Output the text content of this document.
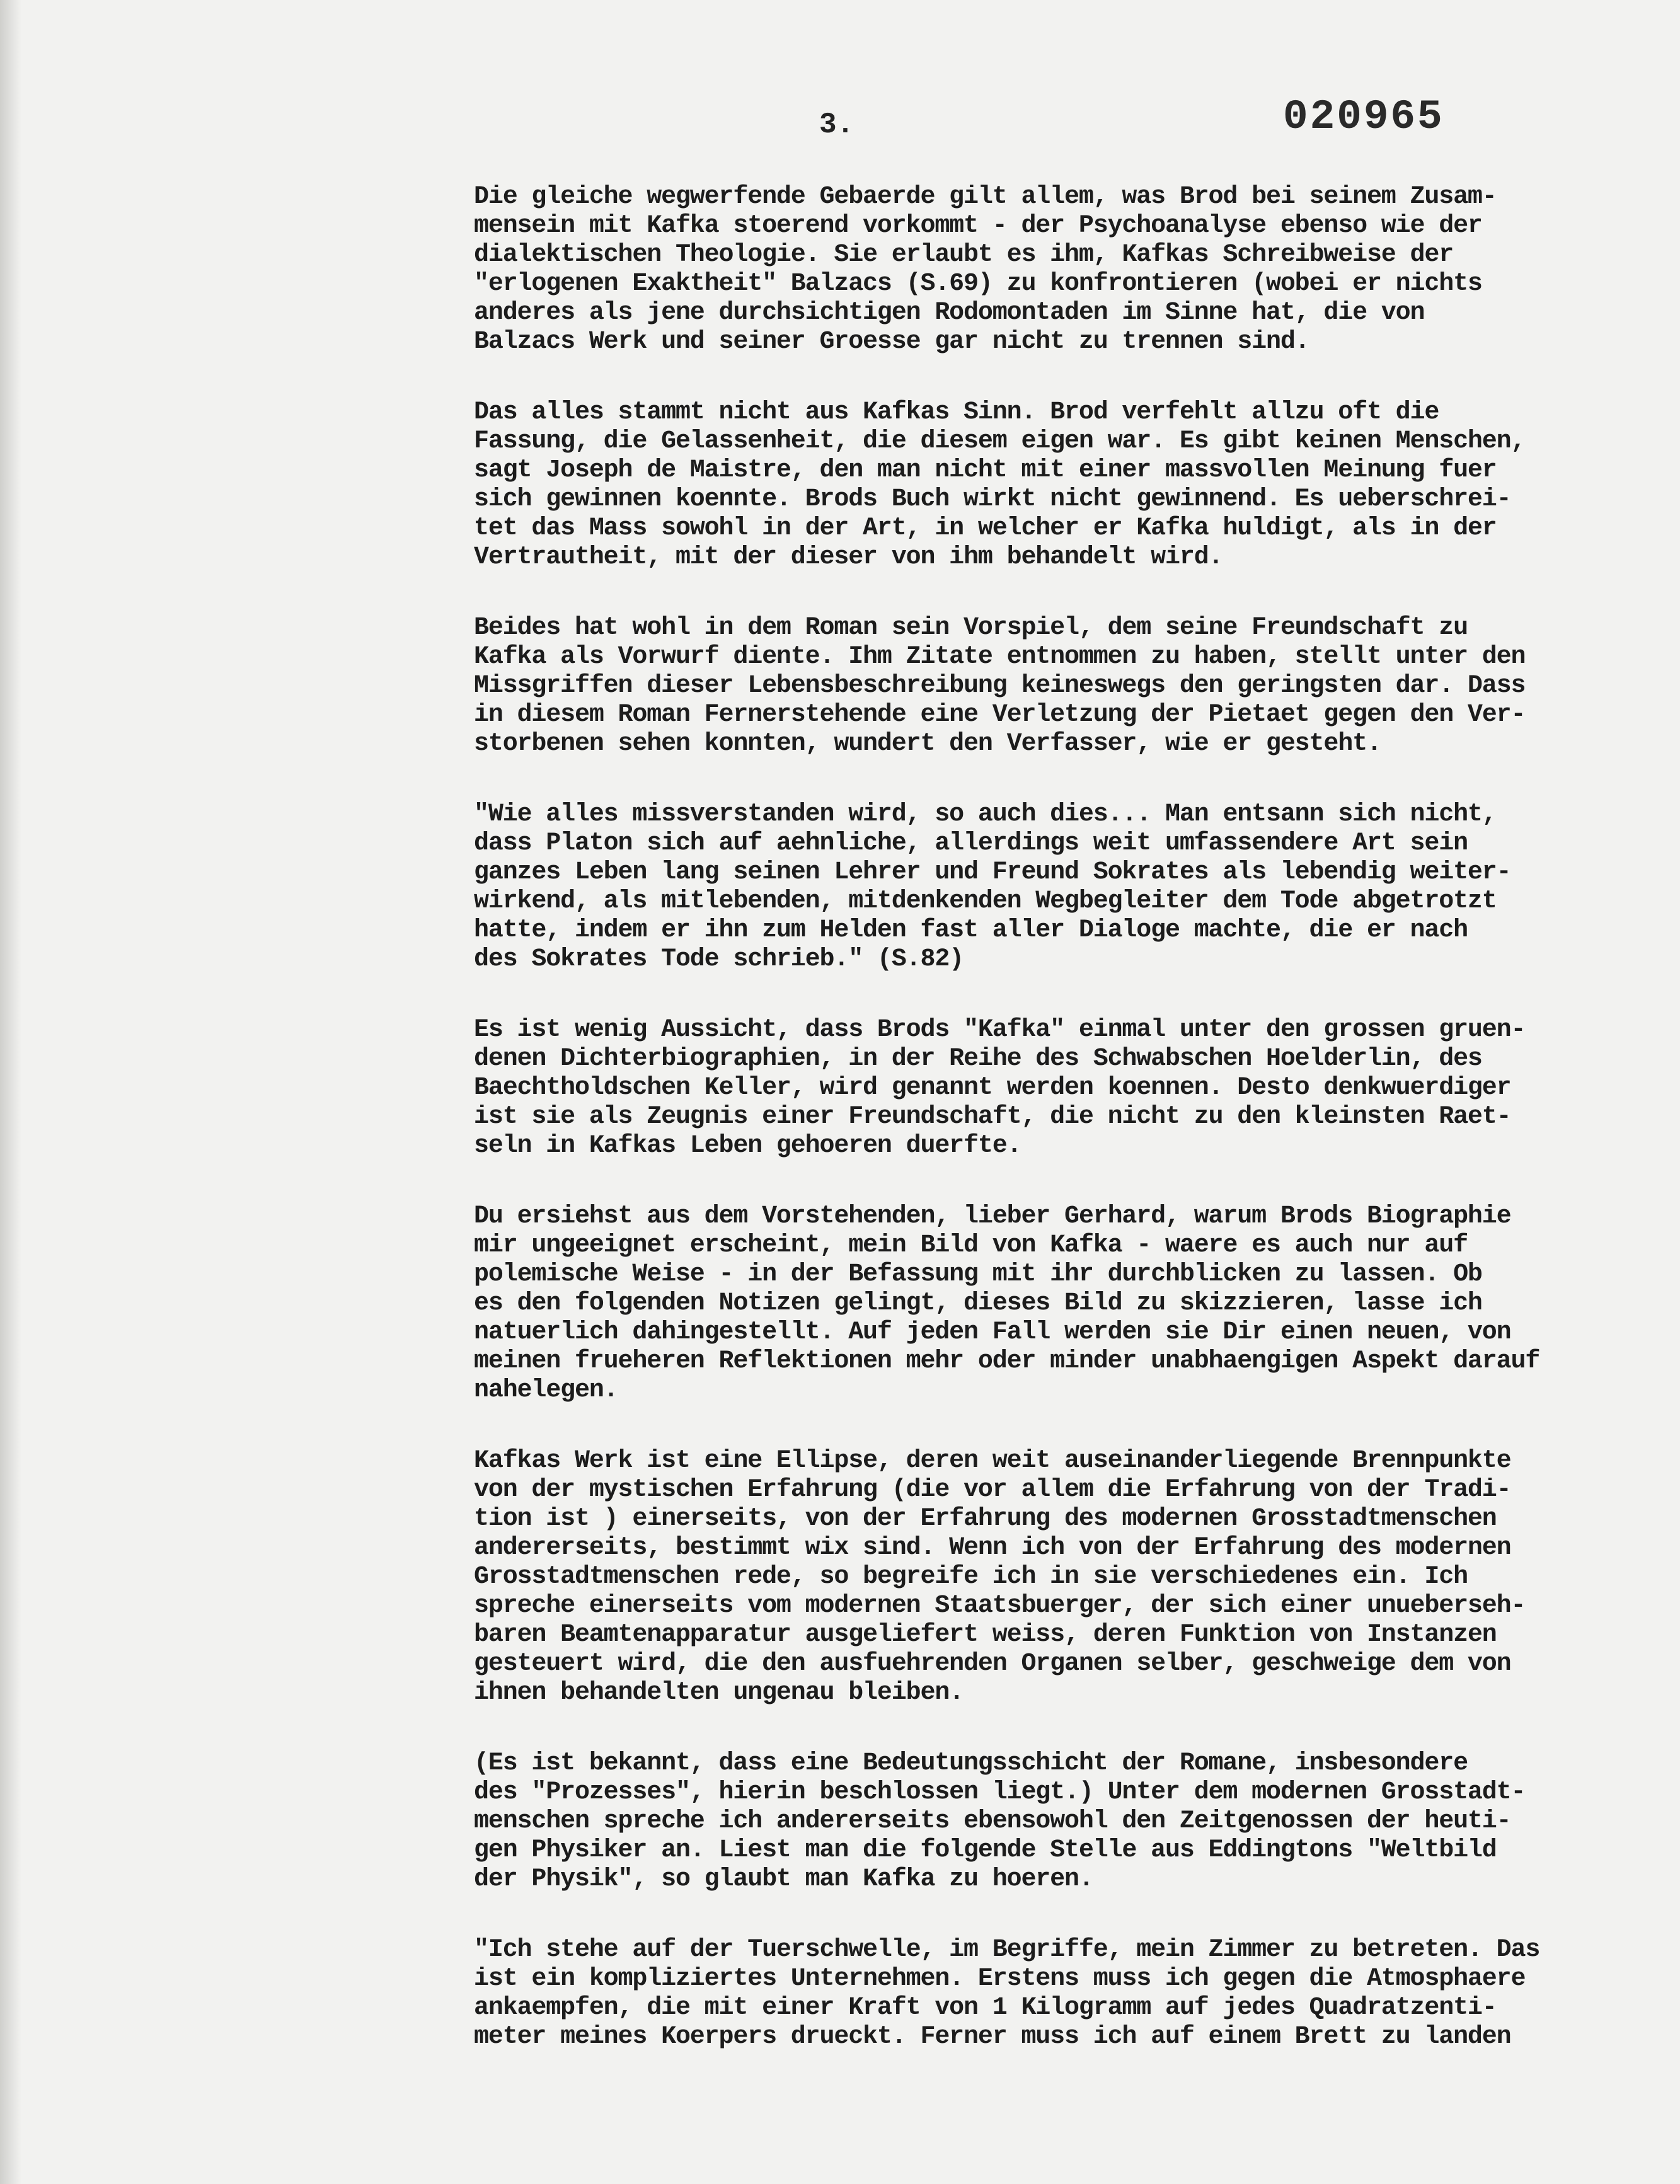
3.	020965
Die gleiche wegwerfende Gebaerde gilt allem, was Brod bei seinem Zusam-
mensein mit Kafka stoerend vorkommt - der Psychoanalyse ebenso wie der
dialektischen Theologie. Sie erlaubt es ihm, Kafkas Schreibweise der
"erlogenen Exaktheit" Balzacs (S.69) zu konfrontieren (wobei er nichts
anderes als jene durchsichtigen Rodomontaden im Sinne hat, die von
Balzacs Werk und seiner Groesse gar nicht zu trennen sind.
Das alles stammt nicht aus Kafkas Sinn. Brod verfehlt allzu oft die
Fassung, die Gelassenheit, die diesem eigen war. Es gibt keinen Menschen,
sagt Joseph de Maistre, den man nicht mit einer massvollen Meinung fuer
sich gewinnen koennte. Brods Buch wirkt nicht gewinnend. Es ueberschrei-
tet das Mass sowohl in der Art, in welcher er Kafka huldigt, als in der
Vertrautheit, mit der dieser von ihm behandelt wird.
Beides hat wohl in dem Roman sein Vorspiel, dem seine Freundschaft zu
Kafka als Vorwurf diente. Ihm Zitate entnommen zu haben, stellt unter den
Missgriffen dieser Lebensbeschreibung keineswegs den geringsten dar. Dass
in diesem Roman Fernerstehende eine Verletzung der Pietaet gegen den Ver-
storbenen sehen konnten, wundert den Verfasser, wie er gesteht.
"Wie alles missverstanden wird, so auch dies... Man entsann sich nicht,
dass Platon sich auf aehnliche, allerdings weit umfassendere Art sein
ganzes Leben lang seinen Lehrer und Freund Sokrates als lebendig weiter-
wirkend, als mitlebenden, mitdenkenden Wegbegleiter dem Tode abgetrotzt
hatte, indem er ihn zum Helden fast aller Dialoge machte, die er nach
des Sokrates Tode schrieb." (S.82)
Es ist wenig Aussicht, dass Brods "Kafka" einmal unter den grossen gruen-
denen Dichterbiographien, in der Reihe des Schwabschen Hoelderlin, des
Baechtholdschen Keller, wird genannt werden koennen. Desto denkwuerdiger
ist sie als Zeugnis einer Freundschaft, die nicht zu den kleinsten Raet-
seln in Kafkas Leben gehoeren duerfte.
Du ersiehst aus dem Vorstehenden, lieber Gerhard, warum Brods Biographie
mir ungeeignet erscheint, mein Bild von Kafka - waere es auch nur auf
polemische Weise - in der Befassung mit ihr durchblicken zu lassen. Ob
es den folgenden Notizen gelingt, dieses Bild zu skizzieren, lasse ich
natuerlich dahingestellt. Auf jeden Fall werden sie Dir einen neuen, von
meinen frueheren Reflektionen mehr oder minder unabhaengigen Aspekt darauf
nahelegen.
Kafkas Werk ist eine Ellipse, deren weit auseinanderliegende Brennpunkte
von der mystischen Erfahrung (die vor allem die Erfahrung von der Tradi-
tion ist ) einerseits, von der Erfahrung des modernen Grosstadtmenschen
andererseits, bestimmt wix sind. Wenn ich von der Erfahrung des modernen
Grosstadtmenschen rede, so begreife ich in sie verschiedenes ein. Ich
spreche einerseits vom modernen Staatsbuerger, der sich einer unueberseh-
baren Beamtenapparatur ausgeliefert weiss, deren Funktion von Instanzen
gesteuert wird, die den ausfuehrenden Organen selber, geschweige dem von
ihnen behandelten ungenau bleiben.
(Es ist bekannt, dass eine Bedeutungsschicht der Romane, insbesondere
des "Prozesses", hierin beschlossen liegt.) Unter dem modernen Grosstadt-
menschen spreche ich andererseits ebensowohl den Zeitgenossen der heuti-
gen Physiker an. Liest man die folgende Stelle aus Eddingtons "Weltbild
der Physik", so glaubt man Kafka zu hoeren.
"Ich stehe auf der Tuerschwelle, im Begriffe, mein Zimmer zu betreten. Das
ist ein kompliziertes Unternehmen. Erstens muss ich gegen die Atmosphaere
ankaempfen, die mit einer Kraft von 1 Kilogramm auf jedes Quadratzenti-
meter meines Koerpers drueckt. Ferner muss ich auf einem Brett zu landen
